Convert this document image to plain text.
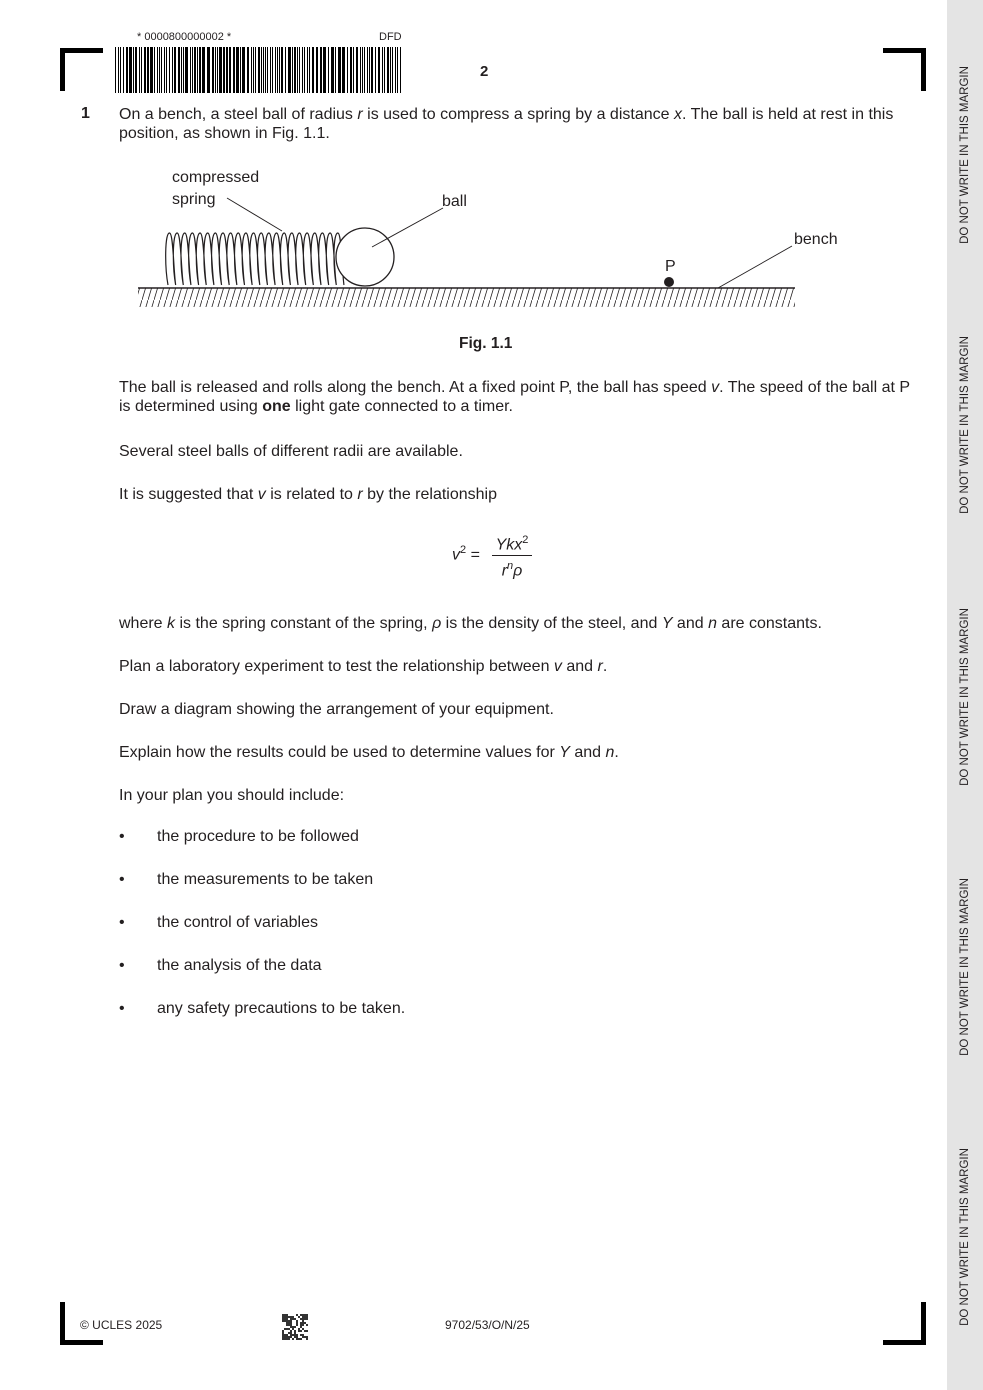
DO NOT WRITE IN THIS MARGIN
DO NOT WRITE IN THIS MARGIN
DO NOT WRITE IN THIS MARGIN
DO NOT WRITE IN THIS MARGIN
DO NOT WRITE IN THIS MARGIN
* 0000800000002 *	DFD
2
1 On a bench, a steel ball of radius r is used to compress a spring by a distance x. The ball is held at rest in this position, as shown in Fig. 1.1.
compressed
spring	ball
bench
P
Fig. 1.1
The ball is released and rolls along the bench. At a fixed point P, the ball has speed v. The speed of the ball at P is determined using one light gate connected to a timer.
Several steel balls of different radii are available.
It is suggested that v is related to r by the relationship
$v^2$ =
Ykx$^2$
$r^n\rho$
where k is the spring constant of the spring, ρ is the density of the steel, and Y and n are constants.
Plan a laboratory experiment to test the relationship between v and r.
Draw a diagram showing the arrangement of your equipment.
Explain how the results could be used to determine values for Y and n.
In your plan you should include:
• the procedure to be followed
• the measurements to be taken
• the control of variables
• the analysis of the data
• any safety precautions to be taken.
© UCLES 2025	9702/53/O/N/25
